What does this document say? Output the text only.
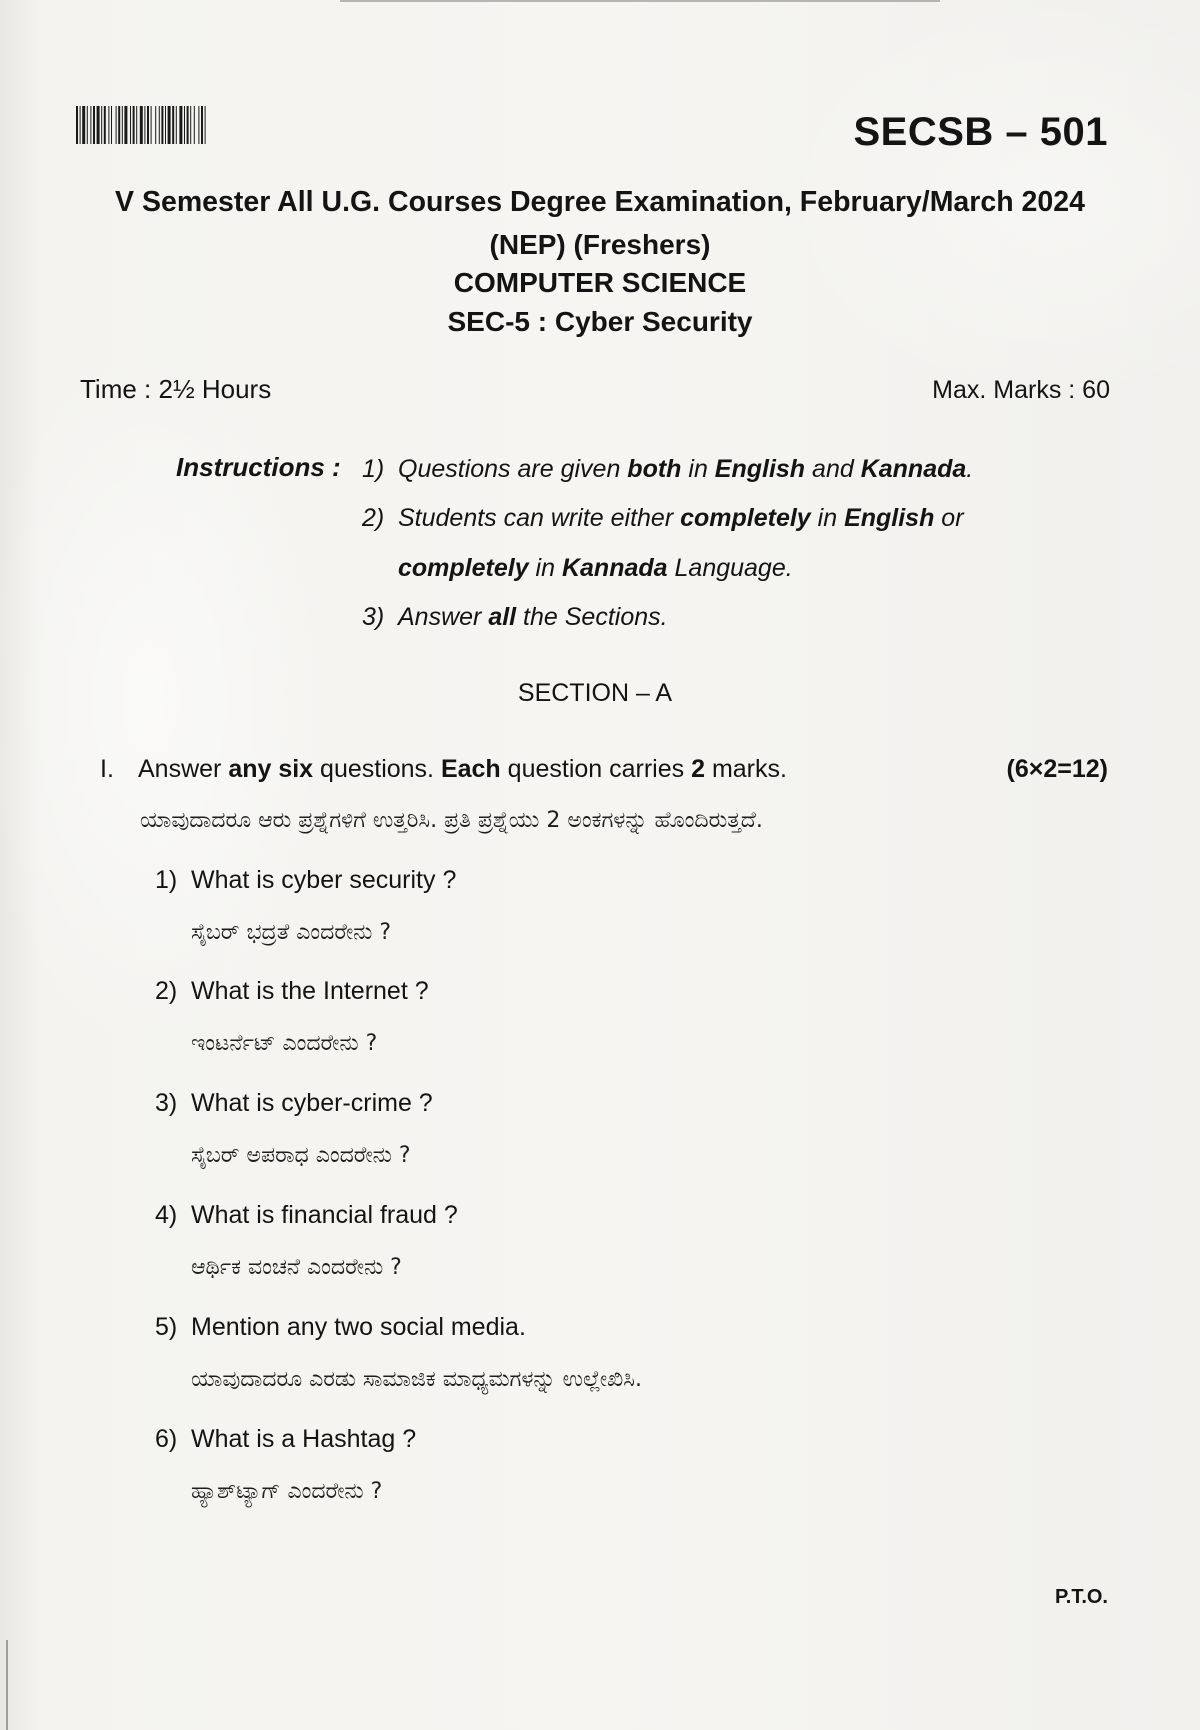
SECSB – 501
V Semester All U.G. Courses Degree Examination, February/March 2024
(NEP) (Freshers)
COMPUTER SCIENCE
SEC-5 : Cyber Security
Time : 2½ Hours	Max. Marks : 60
Instructions : 1) Questions are given both in English and Kannada.
2) Students can write either completely in English or
completely in Kannada Language.
3) Answer all the Sections.
SECTION – A
I. Answer any six questions. Each question carries 2 marks.	(6×2=12)
ಯಾವುದಾದರೂ ಆರು ಪ್ರಶ್ನೆಗಳಿಗೆ ಉತ್ತರಿಸಿ. ಪ್ರತಿ ಪ್ರಶ್ನೆಯು 2 ಅಂಕಗಳನ್ನು ಹೊಂದಿರುತ್ತದೆ.
1) What is cyber security ?
ಸೈಬರ್ ಭದ್ರತೆ ಎಂದರೇನು ?
2) What is the Internet ?
ಇಂಟರ್ನೆಟ್ ಎಂದರೇನು ?
3) What is cyber-crime ?
ಸೈಬರ್ ಅಪರಾಧ ಎಂದರೇನು ?
4) What is financial fraud ?
ಆರ್ಥಿಕ ವಂಚನೆ ಎಂದರೇನು ?
5) Mention any two social media.
ಯಾವುದಾದರೂ ಎರಡು ಸಾಮಾಜಿಕ ಮಾಧ್ಯಮಗಳನ್ನು ಉಲ್ಲೇಖಿಸಿ.
6) What is a Hashtag ?
ಹ್ಯಾಶ್‌ಟ್ಯಾಗ್ ಎಂದರೇನು ?
P.T.O.
